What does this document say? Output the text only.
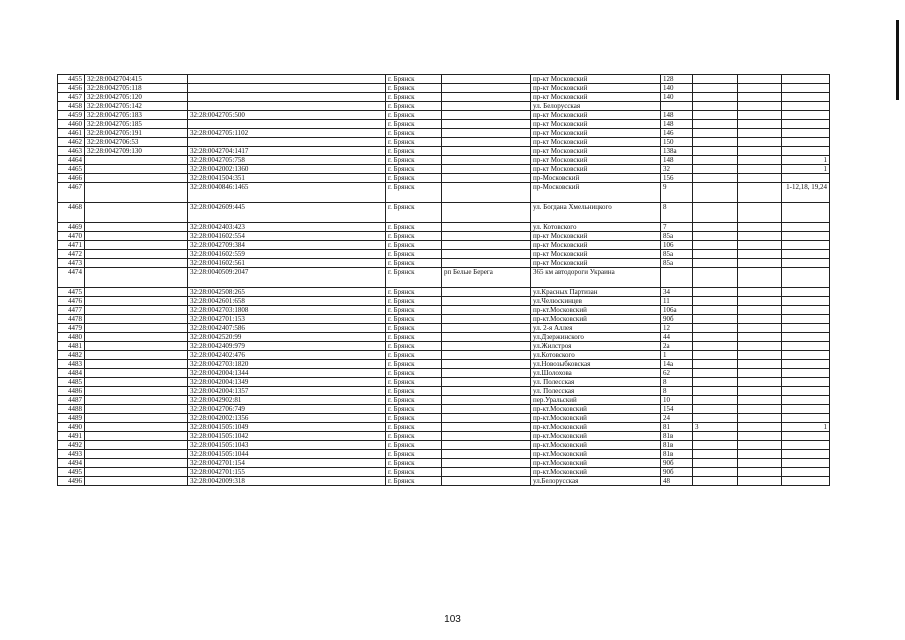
4455	32:28:0042704:415		г. Брянск		пр-кт Московский	128			
4456	32:28:0042705:118		г. Брянск		пр-кт Московский	140			
4457	32:28:0042705:120		г. Брянск		пр-кт Московский	140			
4458	32:28:0042705:142		г. Брянск		ул. Белорусская				
4459	32:28:0042705:183	32:28:0042705:500	г. Брянск		пр-кт Московский	148			
4460	32:28:0042705:185		г. Брянск		пр-кт Московский	148			
4461	32:28:0042705:191	32:28:0042705:1102	г. Брянск		пр-кт Московский	146			
4462	32:28:0042706:53		г. Брянск		пр-кт Московский	150			
4463	32:28:0042709:130	32:28:0042704:1417	г. Брянск		пр-кт Московский	138а			
4464		32:28:0042705:758	г. Брянск		пр-кт Московский	148			1
4465		32:28:0042002:1360	г. Брянск		пр-кт Московский	32			1
4466		32:28:0041504:351	г. Брянск		пр-Московский	156			
4467		32:28:0040846:1465	г. Брянск		пр-Московский	9			1-12,18, 19,24
4468		32:28:0042609:445	г. Брянск		ул. Богдана Хмельницкого	8			
4469		32:28:0042403:423	г. Брянск		ул. Котовского	7			
4470		32:28:0041602:554	г. Брянск		пр-кт Московский	85а			
4471		32:28:0042709:384	г. Брянск		пр-кт Московский	106			
4472		32:28:0041602:559	г. Брянск		пр-кт Московский	85а			
4473		32:28:0041602:561	г. Брянск		пр-кт Московский	85а			
4474		32:28:0040509:2047	г. Брянск	рп Белые Берега	365 км автодороги Украина				
4475		32:28:0042508:265	г. Брянск		ул.Красных Партизан	34			
4476		32:28:0042601:658	г. Брянск		ул.Челюскинцев	11			
4477		32:28:0042703:1808	г. Брянск		пр-кт.Московский	106а			
4478		32:28:0042701:153	г. Брянск		пр-кт.Московский	90б			
4479		32:28:0042407:586	г. Брянск		ул. 2-я Аллея	12			
4480		32:28:0042520:99	г. Брянск		ул.Дзержинского	44			
4481		32:28:0042409:979	г. Брянск		ул.Жилстроя	2а			
4482		32:28:0042402:476	г. Брянск		ул.Котовского	1			
4483		32:28:0042703:1820	г. Брянск		ул.Новозыбковская	14а			
4484		32:28:0042004:1344	г. Брянск		ул.Шолохова	62			
4485		32:28:0042004:1349	г. Брянск		ул. Полесская	8			
4486		32:28:0042004:1357	г. Брянск		ул. Полесская	8			
4487		32:28:0042902:81	г. Брянск		пер.Уральский	10			
4488		32:28:0042706:749	г. Брянск		пр-кт.Московский	154			
4489		32:28:0042002:1356	г. Брянск		пр-кт.Московский	24			
4490		32:28:0041505:1049	г. Брянск		пр-кт.Московский	81	3		1
4491		32:28:0041505:1042	г. Брянск		пр-кт.Московский	81в			
4492		32:28:0041505:1043	г. Брянск		пр-кт.Московский	81в			
4493		32:28:0041505:1044	г. Брянск		пр-кт.Московский	81в			
4494		32:28:0042701:154	г. Брянск		пр-кт.Московский	90б			
4495		32:28:0042701:155	г. Брянск		пр-кт.Московский	90б			
4496		32:28:0042009:318	г. Брянск		ул.Белорусская	48			
103
